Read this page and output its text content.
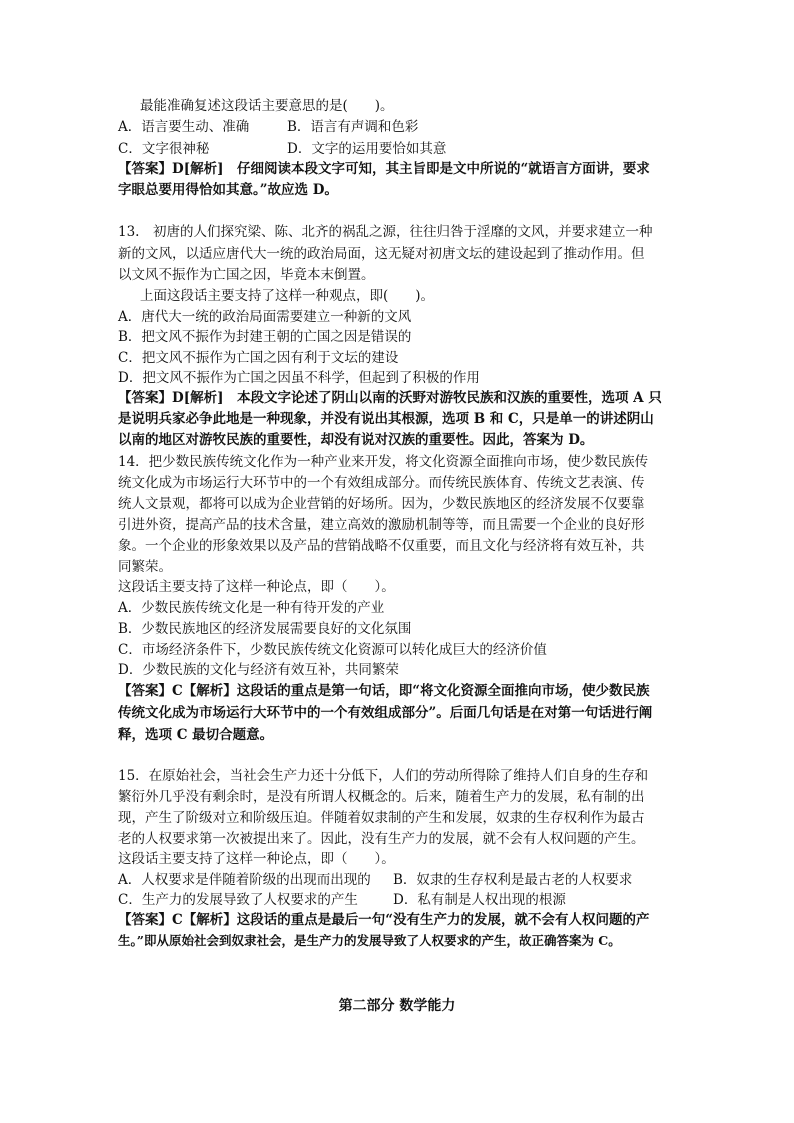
最能准确复述这段话主要意思的是(　　)。
A．语言要生动、准确	B．语言有声调和色彩
C．文字很神秘	D．文字的运用要恰如其意
【答案】D[解析]　仔细阅读本段文字可知，其主旨即是文中所说的“就语言方面讲，要求
字眼总要用得恰如其意。”故应选 D。
13.　初唐的人们探究梁、陈、北齐的祸乱之源，往往归咎于淫靡的文风，并要求建立一种
新的文风，以适应唐代大一统的政治局面，这无疑对初唐文坛的建设起到了推动作用。但
以文风不振作为亡国之因，毕竟本末倒置。
上面这段话主要支持了这样一种观点，即(　　)。
A．唐代大一统的政治局面需要建立一种新的文风
B．把文风不振作为封建王朝的亡国之因是错误的
C．把文风不振作为亡国之因有利于文坛的建设
D．把文风不振作为亡国之因虽不科学，但起到了积极的作用
【答案】D[解析]　本段文字论述了阴山以南的沃野对游牧民族和汉族的重要性，选项 A 只
是说明兵家必争此地是一种现象，并没有说出其根源，选项 B 和 C，只是单一的讲述阴山
以南的地区对游牧民族的重要性，却没有说对汉族的重要性。因此，答案为 D。
14．把少数民族传统文化作为一种产业来开发，将文化资源全面推向市场，使少数民族传
统文化成为市场运行大环节中的一个有效组成部分。而传统民族体育、传统文艺表演、传
统人文景观，都将可以成为企业营销的好场所。因为，少数民族地区的经济发展不仅要靠
引进外资，提高产品的技术含量，建立高效的激励机制等等，而且需要一个企业的良好形
象。一个企业的形象效果以及产品的营销战略不仅重要，而且文化与经济将有效互补，共
同繁荣。
这段话主要支持了这样一种论点，即（　　）。
A．少数民族传统文化是一种有待开发的产业
B．少数民族地区的经济发展需要良好的文化氛围
C．市场经济条件下，少数民族传统文化资源可以转化成巨大的经济价值
D．少数民族的文化与经济有效互补，共同繁荣
【答案】C【解析】这段话的重点是第一句话，即“将文化资源全面推向市场，使少数民族
传统文化成为市场运行大环节中的一个有效组成部分”。后面几句话是在对第一句话进行阐
释，选项 C 最切合题意。
15．在原始社会，当社会生产力还十分低下，人们的劳动所得除了维持人们自身的生存和
繁衍外几乎没有剩余时，是没有所谓人权概念的。后来，随着生产力的发展，私有制的出
现，产生了阶级对立和阶级压迫。伴随着奴隶制的产生和发展，奴隶的生存权利作为最古
老的人权要求第一次被提出来了。因此，没有生产力的发展，就不会有人权问题的产生。
这段话主要支持了这样一种论点，即（　　）。
A．人权要求是伴随着阶级的出现而出现的 B．奴隶的生存权利是最古老的人权要求
C．生产力的发展导致了人权要求的产生	D．私有制是人权出现的根源
【答案】C【解析】这段话的重点是最后一句“没有生产力的发展，就不会有人权问题的产
生。”即从原始社会到奴隶社会，是生产力的发展导致了人权要求的产生，故正确答案为 C。
第二部分 数学能力
